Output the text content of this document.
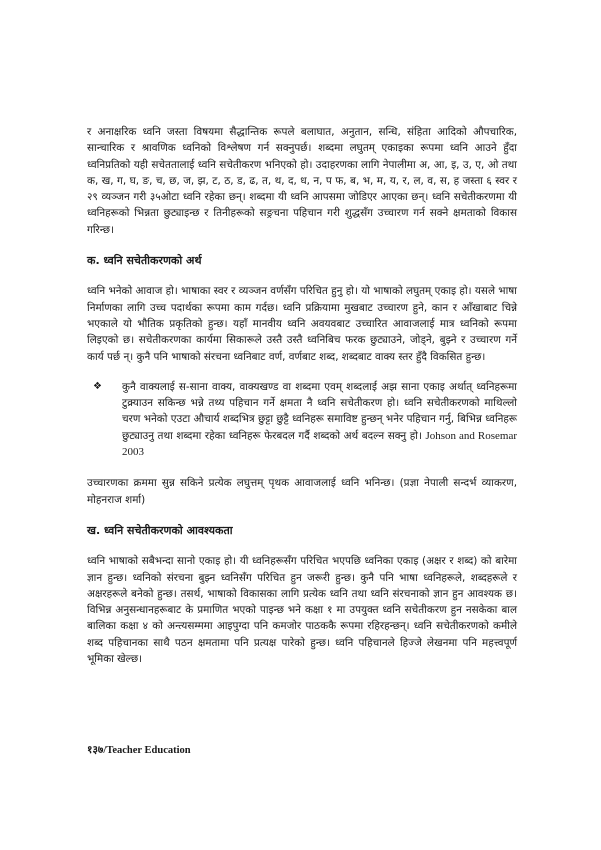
र अनाक्षरिक ध्वनि जस्ता विषयमा सैद्धान्तिक रूपले बलाघात, अनुतान, सन्धि, संहिता आदिको औपचारिक, सान्चारिक र श्रावणिक ध्वनिको विश्लेषण गर्न सक्नुपर्छ। शब्दमा लघुतम् एकाइका रूपमा ध्वनि आउने हुँदा ध्वनिप्रतिको यही सचेततालाई ध्वनि सचेतीकरण भनिएको हो। उदाहरणका लागि नेपालीमा अ, आ, इ, उ, ए, ओ तथा क, ख, ग, घ, ङ, च, छ, ज, झ, ट, ठ, ड, ढ, त, थ, द, ध, न, प फ, ब, भ, म, य, र, ल, व, स, ह जस्ता ६ स्वर र २९ व्यञ्जन गरी ३५ओटा ध्वनि रहेका छन्। शब्दमा यी ध्वनि आपसमा जोडिएर आएका छन्। ध्वनि सचेतीकरणमा यी ध्वनिहरूको भिन्नता छुट्याइन्छ र तिनीहरूको सङ्रचना पहिचान गरी शुद्धसँग उच्चारण गर्न सक्ने क्षमताको विकास गरिन्छ।

क. ध्वनि सचेतीकरणको अर्थ

ध्वनि भनेको आवाज हो। भाषाका स्वर र व्यञ्जन वर्णसँग परिचित हुनु हो। यो भाषाको लघुतम् एकाइ हो। यसले भाषा निर्माणका लागि उच्च पदार्थका रूपमा काम गर्दछ। ध्वनि प्रक्रियामा मुखबाट उच्चारण हुने, कान र आँखाबाट चिन्ने भएकाले यो भौतिक प्रकृतिको हुन्छ। यहाँ मानवीय ध्वनि अवयवबाट उच्चारित आवाजलाई मात्र ध्वनिको रूपमा लिइएको छ। सचेतीकरणका कार्यमा सिकारूले उस्तै उस्तै ध्वनिबिच फरक छुट्याउने, जोड्ने, बुझ्ने र उच्चारण गर्ने कार्य पर्छ न्। कुनै पनि भाषाको संरचना ध्वनिबाट वर्ण, वर्णबाट शब्द, शब्दबाट वाक्य स्तर हुँदै विकसित हुन्छ।

❖ कुनै वाक्यलाई स-साना वाक्य, वाक्यखण्ड वा शब्दमा एवम् शब्दलाई अझ साना एकाइ अर्थात् ध्वनिहरूमा टुक्र्याउन सकिन्छ भन्ने तथ्य पहिचान गर्ने क्षमता नै ध्वनि सचेतीकरण हो। ध्वनि सचेतीकरणको माथिल्लो चरण भनेको एउटा औचार्य शब्दभित्र छुट्टा छुट्टै ध्वनिहरू समाविष्ट हुन्छन् भनेर पहिचान गर्नु, बिभिन्न ध्वनिहरू छुट्याउनु तथा शब्दमा रहेका ध्वनिहरू फेरबदल गर्दै शब्दको अर्थ बदल्न सक्नु हो। Johson and Rosemar 2003

उच्चारणका क्रममा सुन्न सकिने प्रत्येक लघुत्तम् पृथक आवाजलाई ध्वनि भनिन्छ। (प्रज्ञा नेपाली सन्दर्भ व्याकरण, मोहनराज शर्मा)

ख. ध्वनि सचेतीकरणको आवश्यकता

ध्वनि भाषाको सबैभन्दा सानो एकाइ हो। यी ध्वनिहरूसँग परिचित भएपछि ध्वनिका एकाइ (अक्षर र शब्द) को बारेमा ज्ञान हुन्छ। ध्वनिको संरचना बुझ्न ध्वनिसँग परिचित हुन जरूरी हुन्छ। कुनै पनि भाषा ध्वनिहरूले, शब्दहरूले र अक्षरहरूले बनेको हुन्छ। तसर्थ, भाषाको विकासका लागि प्रत्येक ध्वनि तथा ध्वनि संरचनाको ज्ञान हुन आवश्यक छ। विभिन्न अनुसन्धानहरूबाट के प्रमाणित भएको पाइन्छ भने कक्षा १ मा उपयुक्त ध्वनि सचेतीकरण हुन नसकेका बाल बालिका कक्षा ४ को अन्त्यसम्ममा आइपुग्दा पनि कमजोर पाठककै रूपमा रहिरहन्छन्। ध्वनि सचेतीकरणको कमीले शब्द पहिचानका साथै पठन क्षमतामा पनि प्रत्यक्ष पारेको हुन्छ। ध्वनि पहिचानले हिज्जे लेखनमा पनि महत्त्वपूर्ण भूमिका खेल्छ।

१३७/Teacher Education
